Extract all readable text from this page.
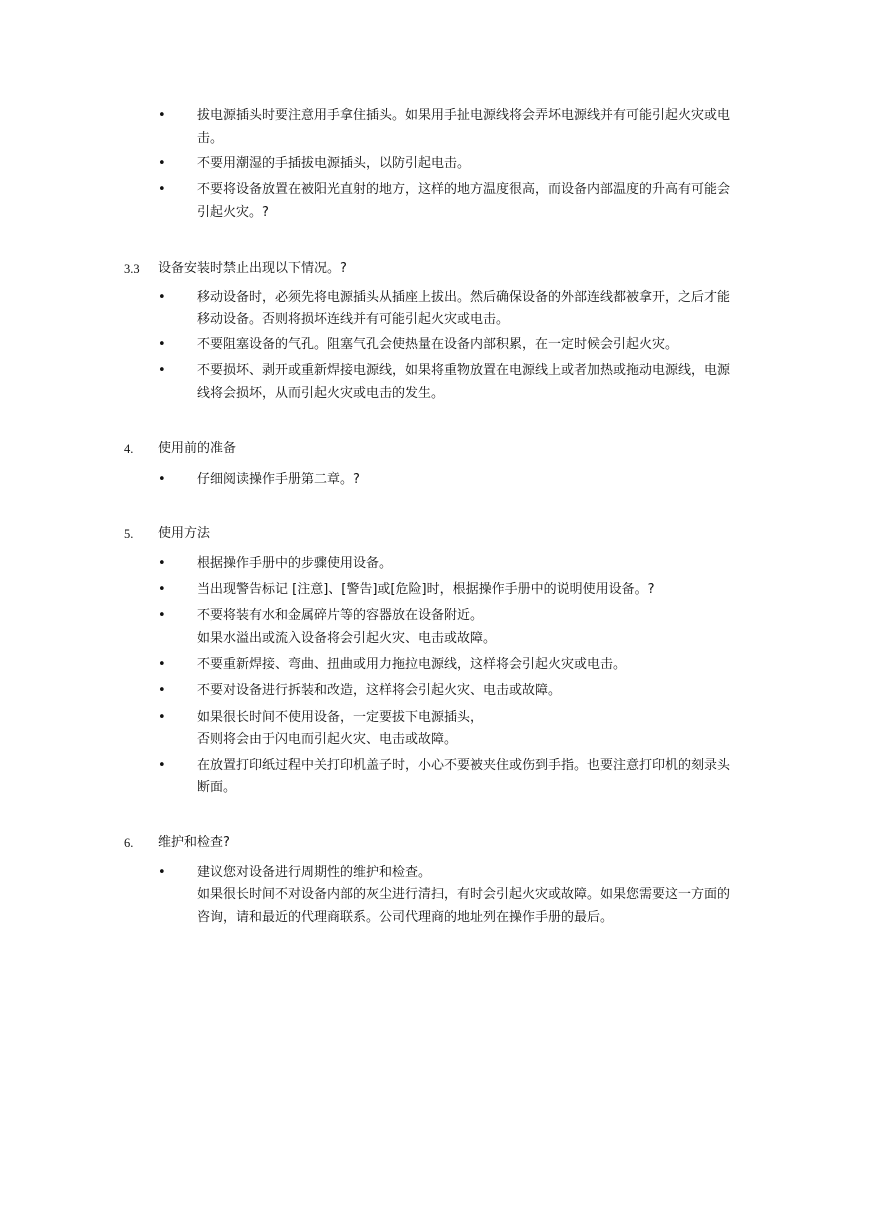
•	拔电源插头时要注意用手拿住插头。如果用手扯电源线将会弄坏电源线并有可能引起火灾或电
击。
•	不要用潮湿的手插拔电源插头，以防引起电击。
•	不要将设备放置在被阳光直射的地方，这样的地方温度很高，而设备内部温度的升高有可能会
引起火灾。?
3.3 设备安装时禁止出现以下情况。?
•	移动设备时，必须先将电源插头从插座上拔出。然后确保设备的外部连线都被拿开，之后才能
移动设备。否则将损坏连线并有可能引起火灾或电击。
•	不要阻塞设备的气孔。阻塞气孔会使热量在设备内部积累，在一定时候会引起火灾。
•	不要损坏、剥开或重新焊接电源线，如果将重物放置在电源线上或者加热或拖动电源线，电源
线将会损坏，从而引起火灾或电击的发生。
4. 使用前的准备
•	仔细阅读操作手册第二章。?
5. 使用方法
•	根据操作手册中的步骤使用设备。
•	当出现警告标记 [注意]、[警告]或[危险]时，根据操作手册中的说明使用设备。?
•	不要将装有水和金属碎片等的容器放在设备附近。
如果水溢出或流入设备将会引起火灾、电击或故障。
•	不要重新焊接、弯曲、扭曲或用力拖拉电源线，这样将会引起火灾或电击。
•	不要对设备进行拆装和改造，这样将会引起火灾、电击或故障。
•	如果很长时间不使用设备，一定要拔下电源插头，
否则将会由于闪电而引起火灾、电击或故障。
•	在放置打印纸过程中关打印机盖子时，小心不要被夹住或伤到手指。也要注意打印机的刻录头
断面。
6. 维护和检查?
•	建议您对设备进行周期性的维护和检查。
如果很长时间不对设备内部的灰尘进行清扫，有时会引起火灾或故障。如果您需要这一方面的
咨询，请和最近的代理商联系。公司代理商的地址列在操作手册的最后。
